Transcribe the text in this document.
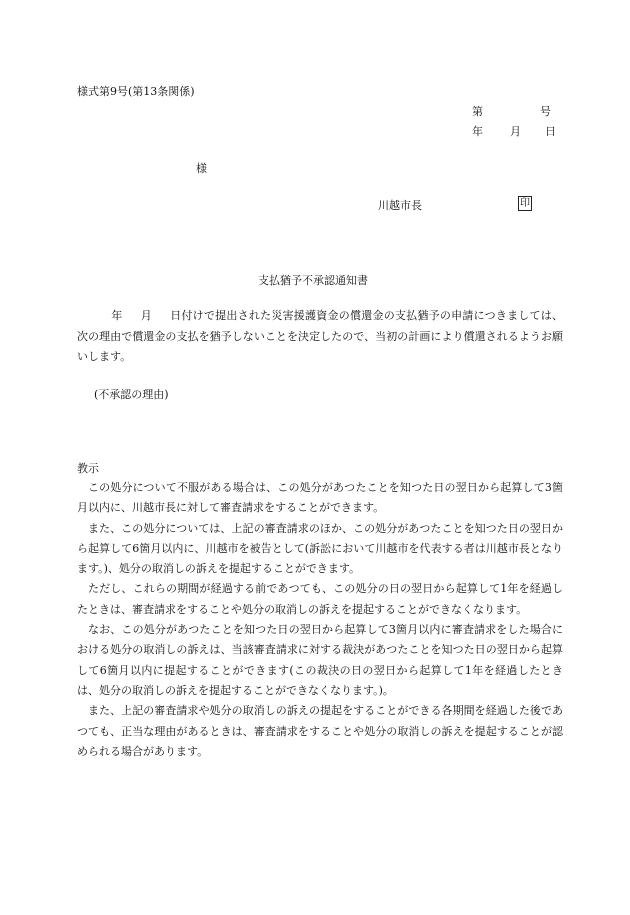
様式第9号(第13条関係)
第	号
年 月 日
様
川越市長	印
支払猶予不承認通知書
年 月 日付けで提出された災害援護資金の償還金の支払猶予の申請につきましては、次の理由で償還金の支払を猶予しないことを決定したので、当初の計画により償還されるようお願いします。
(不承認の理由)
教示

この処分について不服がある場合は、この処分があつたことを知つた日の翌日から起算して3箇月以内に、川越市長に対して審査請求をすることができます。

また、この処分については、上記の審査請求のほか、この処分があつたことを知つた日の翌日から起算して6箇月以内に、川越市を被告として(訴訟において川越市を代表する者は川越市長となります。)、処分の取消しの訴えを提起することができます。

ただし、これらの期間が経過する前であつても、この処分の日の翌日から起算して1年を経過したときは、審査請求をすることや処分の取消しの訴えを提起することができなくなります。

なお、この処分があつたことを知つた日の翌日から起算して3箇月以内に審査請求をした場合における処分の取消しの訴えは、当該審査請求に対する裁決があつたことを知つた日の翌日から起算して6箇月以内に提起することができます(この裁決の日の翌日から起算して1年を経過したときは、処分の取消しの訴えを提起することができなくなります。)。

また、上記の審査請求や処分の取消しの訴えの提起をすることができる各期間を経過した後であつても、正当な理由があるときは、審査請求をすることや処分の取消しの訴えを提起することが認められる場合があります。
